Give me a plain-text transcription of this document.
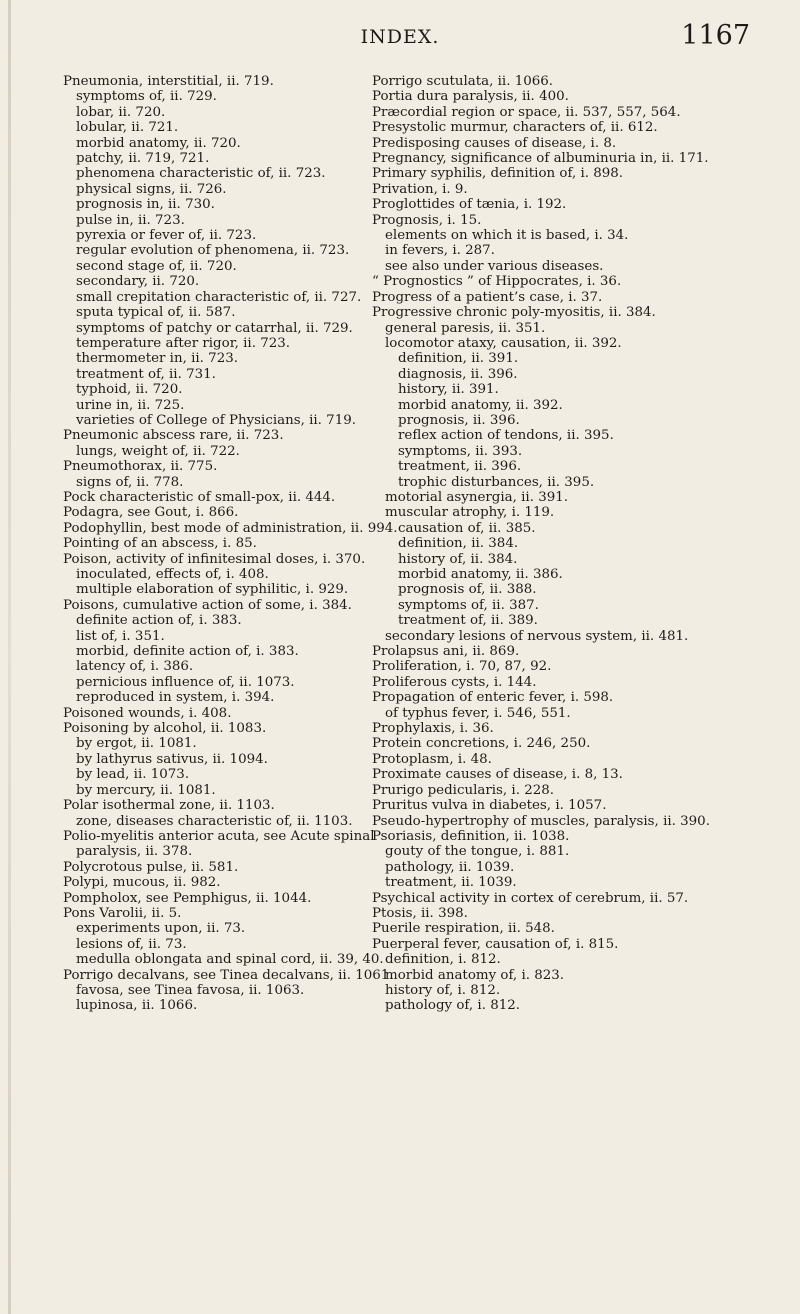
INDEX.	1167

Pneumonia, interstitial, ii. 719.

symptoms of, ii. 729.

lobar, ii. 720.

lobular, ii. 721.

morbid anatomy, ii. 720.

patchy, ii. 719, 721.

phenomena characteristic of, ii. 723.

physical signs, ii. 726.

prognosis in, ii. 730.

pulse in, ii. 723.

pyrexia or fever of, ii. 723.

regular evolution of phenomena, ii. 723.

second stage of, ii. 720.

secondary, ii. 720.

small crepitation characteristic of, ii. 727.

sputa typical of, ii. 587.

symptoms of patchy or catarrhal, ii. 729.

temperature after rigor, ii. 723.

thermometer in, ii. 723.

treatment of, ii. 731.

typhoid, ii. 720.

urine in, ii. 725.

varieties of College of Physicians, ii. 719.

Pneumonic abscess rare, ii. 723.

lungs, weight of, ii. 722.

Pneumothorax, ii. 775.

signs of, ii. 778.

Pock characteristic of small-pox, ii. 444.

Podagra, see Gout, i. 866.

Podophyllin, best mode of administration, ii. 994.

Pointing of an abscess, i. 85.

Poison, activity of infinitesimal doses, i. 370.

inoculated, effects of, i. 408.

multiple elaboration of syphilitic, i. 929.

Poisons, cumulative action of some, i. 384.

definite action of, i. 383.

list of, i. 351.

morbid, definite action of, i. 383.

latency of, i. 386.

pernicious influence of, ii. 1073.

reproduced in system, i. 394.

Poisoned wounds, i. 408.

Poisoning by alcohol, ii. 1083.

by ergot, ii. 1081.

by lathyrus sativus, ii. 1094.

by lead, ii. 1073.

by mercury, ii. 1081.

Polar isothermal zone, ii. 1103.

zone, diseases characteristic of, ii. 1103.

Polio-myelitis anterior acuta, see Acute spinal paralysis, ii. 378.

Polycrotous pulse, ii. 581.

Polypi, mucous, ii. 982.

Pompholox, see Pemphigus, ii. 1044.

Pons Varolii, ii. 5.

experiments upon, ii. 73.

lesions of, ii. 73.

medulla oblongata and spinal cord, ii. 39, 40.

Porrigo decalvans, see Tinea decalvans, ii. 1061.

favosa, see Tinea favosa, ii. 1063.

lupinosa, ii. 1066.

Porrigo scutulata, ii. 1066.

Portia dura paralysis, ii. 400.

Præcordial region or space, ii. 537, 557, 564.

Presystolic murmur, characters of, ii. 612.

Predisposing causes of disease, i. 8.

Pregnancy, significance of albuminuria in, ii. 171.

Primary syphilis, definition of, i. 898.

Privation, i. 9.

Proglottides of tænia, i. 192.

Prognosis, i. 15.

elements on which it is based, i. 34.

in fevers, i. 287.

see also under various diseases.

“ Prognostics ” of Hippocrates, i. 36.

Progress of a patient’s case, i. 37.

Progressive chronic poly-myositis, ii. 384.

general paresis, ii. 351.

locomotor ataxy, causation, ii. 392.

definition, ii. 391.

diagnosis, ii. 396.

history, ii. 391.

morbid anatomy, ii. 392.

prognosis, ii. 396.

reflex action of tendons, ii. 395.

symptoms, ii. 393.

treatment, ii. 396.

trophic disturbances, ii. 395.

motorial asynergia, ii. 391.

muscular atrophy, i. 119.

causation of, ii. 385.

definition, ii. 384.

history of, ii. 384.

morbid anatomy, ii. 386.

prognosis of, ii. 388.

symptoms of, ii. 387.

treatment of, ii. 389.

secondary lesions of nervous system, ii. 481.

Prolapsus ani, ii. 869.

Proliferation, i. 70, 87, 92.

Proliferous cysts, i. 144.

Propagation of enteric fever, i. 598.

of typhus fever, i. 546, 551.

Prophylaxis, i. 36.

Protein concretions, i. 246, 250.

Protoplasm, i. 48.

Proximate causes of disease, i. 8, 13.

Prurigo pedicularis, i. 228.

Pruritus vulva in diabetes, i. 1057.

Pseudo-hypertrophy of muscles, paralysis, ii. 390.

Psoriasis, definition, ii. 1038.

gouty of the tongue, i. 881.

pathology, ii. 1039.

treatment, ii. 1039.

Psychical activity in cortex of cerebrum, ii. 57.

Ptosis, ii. 398.

Puerile respiration, ii. 548.

Puerperal fever, causation of, i. 815.

definition, i. 812.

morbid anatomy of, i. 823.

history of, i. 812.

pathology of, i. 812.
